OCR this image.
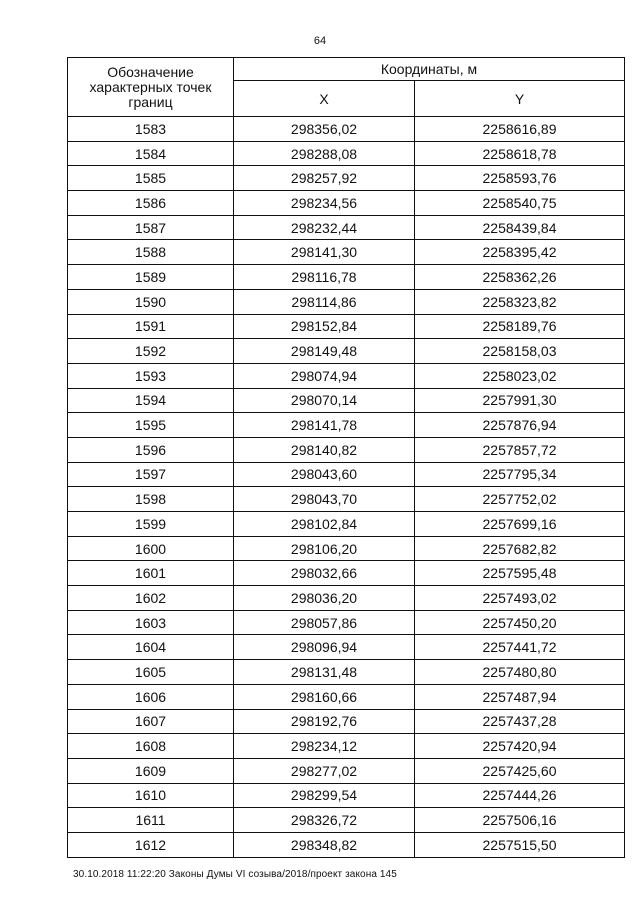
64
Обозначение характерных точек границ	Координаты, м	
	X	Y
1583	298356,02	2258616,89
1584	298288,08	2258618,78
1585	298257,92	2258593,76
1586	298234,56	2258540,75
1587	298232,44	2258439,84
1588	298141,30	2258395,42
1589	298116,78	2258362,26
1590	298114,86	2258323,82
1591	298152,84	2258189,76
1592	298149,48	2258158,03
1593	298074,94	2258023,02
1594	298070,14	2257991,30
1595	298141,78	2257876,94
1596	298140,82	2257857,72
1597	298043,60	2257795,34
1598	298043,70	2257752,02
1599	298102,84	2257699,16
1600	298106,20	2257682,82
1601	298032,66	2257595,48
1602	298036,20	2257493,02
1603	298057,86	2257450,20
1604	298096,94	2257441,72
1605	298131,48	2257480,80
1606	298160,66	2257487,94
1607	298192,76	2257437,28
1608	298234,12	2257420,94
1609	298277,02	2257425,60
1610	298299,54	2257444,26
1611	298326,72	2257506,16
1612	298348,82	2257515,50
30.10.2018 11:22:20 Законы Думы VI созыва/2018/проект закона 145
